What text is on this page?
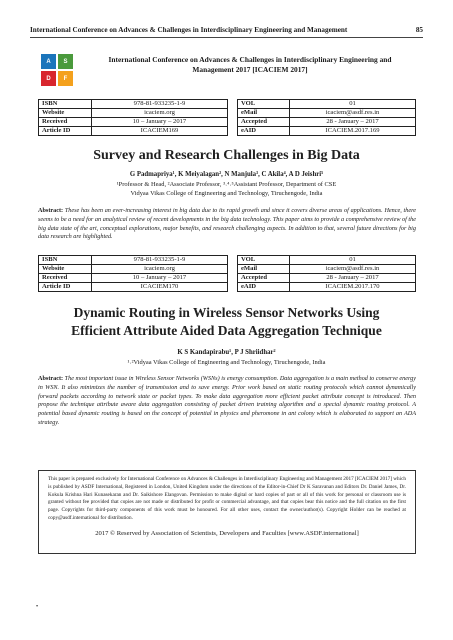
International Conference on Advances & Challenges in Interdisciplinary Engineering and Management	85
A	S
D	F
International Conference on Advances & Challenges in Interdisciplinary Engineering and
Management 2017 [ICACIEM 2017]
ISBN	978-81-933235-1-9		VOL	01
Website	icaciem.org		eMail	icaciem@asdf.res.in
Received	10 – January – 2017		Accepted	28 - January – 2017
Article ID	ICACIEM169		eAID	ICACIEM.2017.169
Survey and Research Challenges in Big Data
G Padmapriya¹, K Meiyalagan², N Manjula³, C Akila⁴, A D Jeishri⁵
¹Professor & Head, ²Associate Professor, ³˒⁴˒⁵Assistant Professor, Department of CSE
Vidyaa Vikas College of Engineering and Technology, Tiruchengode, India
Abstract: These has been an ever-increasing interest in big data due to its rapid growth and since it covers diverse areas of applications. Hence, there seems to be a need for an analytical review of recent developments in the big data technology. This paper aims to provide a comprehensive review of the big data state of the art, conceptual explorations, major benefits, and research challenging aspects. In addition to that, several future directions for big data research are highlighted.
ISBN	978-81-933235-1-9		VOL	01
Website	icaciem.org		eMail	icaciem@asdf.res.in
Received	10 – January – 2017		Accepted	28 - January – 2017
Article ID	ICACIEM170		eAID	ICACIEM.2017.170
Dynamic Routing in Wireless Sensor Networks Using
Efficient Attribute Aided Data Aggregation Technique
K S Kandapirabu¹, P J Shriidhar²
¹˒²Vidyaa Vikas College of Engineering and Technology, Tiruchengode, India
Abstract: The most important issue in Wireless Sensor Networks (WSNs) is energy consumption. Data aggregation is a main method to conserve energy in WSN. It also minimizes the number of transmission and to save energy. Prior work based on static routing protocols which cannot dynamically forward packets according to network state or packet types. To make data aggregation more efficient packet attribute concept is introduced. Then propose the technique attribute aware data aggregation consisting of packet driven training algorithm and a special dynamic routing protocol. A potential based dynamic routing is based on the concept of potential in physics and pheromone in ant colony which is elaborated to support an ADA strategy.
This paper is prepared exclusively for International Conference on Advances & Challenges in Interdisciplinary Engineering and Management 2017 [ICACIEM 2017] which is published by ASDF International, Registered in London, United Kingdom under the directions of the Editor-in-Chief Dr K Saravanan and Editors Dr. Daniel James, Dr. Kokula Krishna Hari Kunasekaran and Dr. Saikishore Elangovan. Permission to make digital or hard copies of part or all of this work for personal or classroom use is granted without fee provided that copies are not made or distributed for profit or commercial advantage, and that copies bear this notice and the full citation on the first page. Copyrights for third-party components of this work must be honoured. For all other uses, contact the owner/author(s). Copyright Holder can be reached at copy@asdf.international for distribution.
2017 © Reserved by Association of Scientists, Developers and Faculties [www.ASDF.international]
•
